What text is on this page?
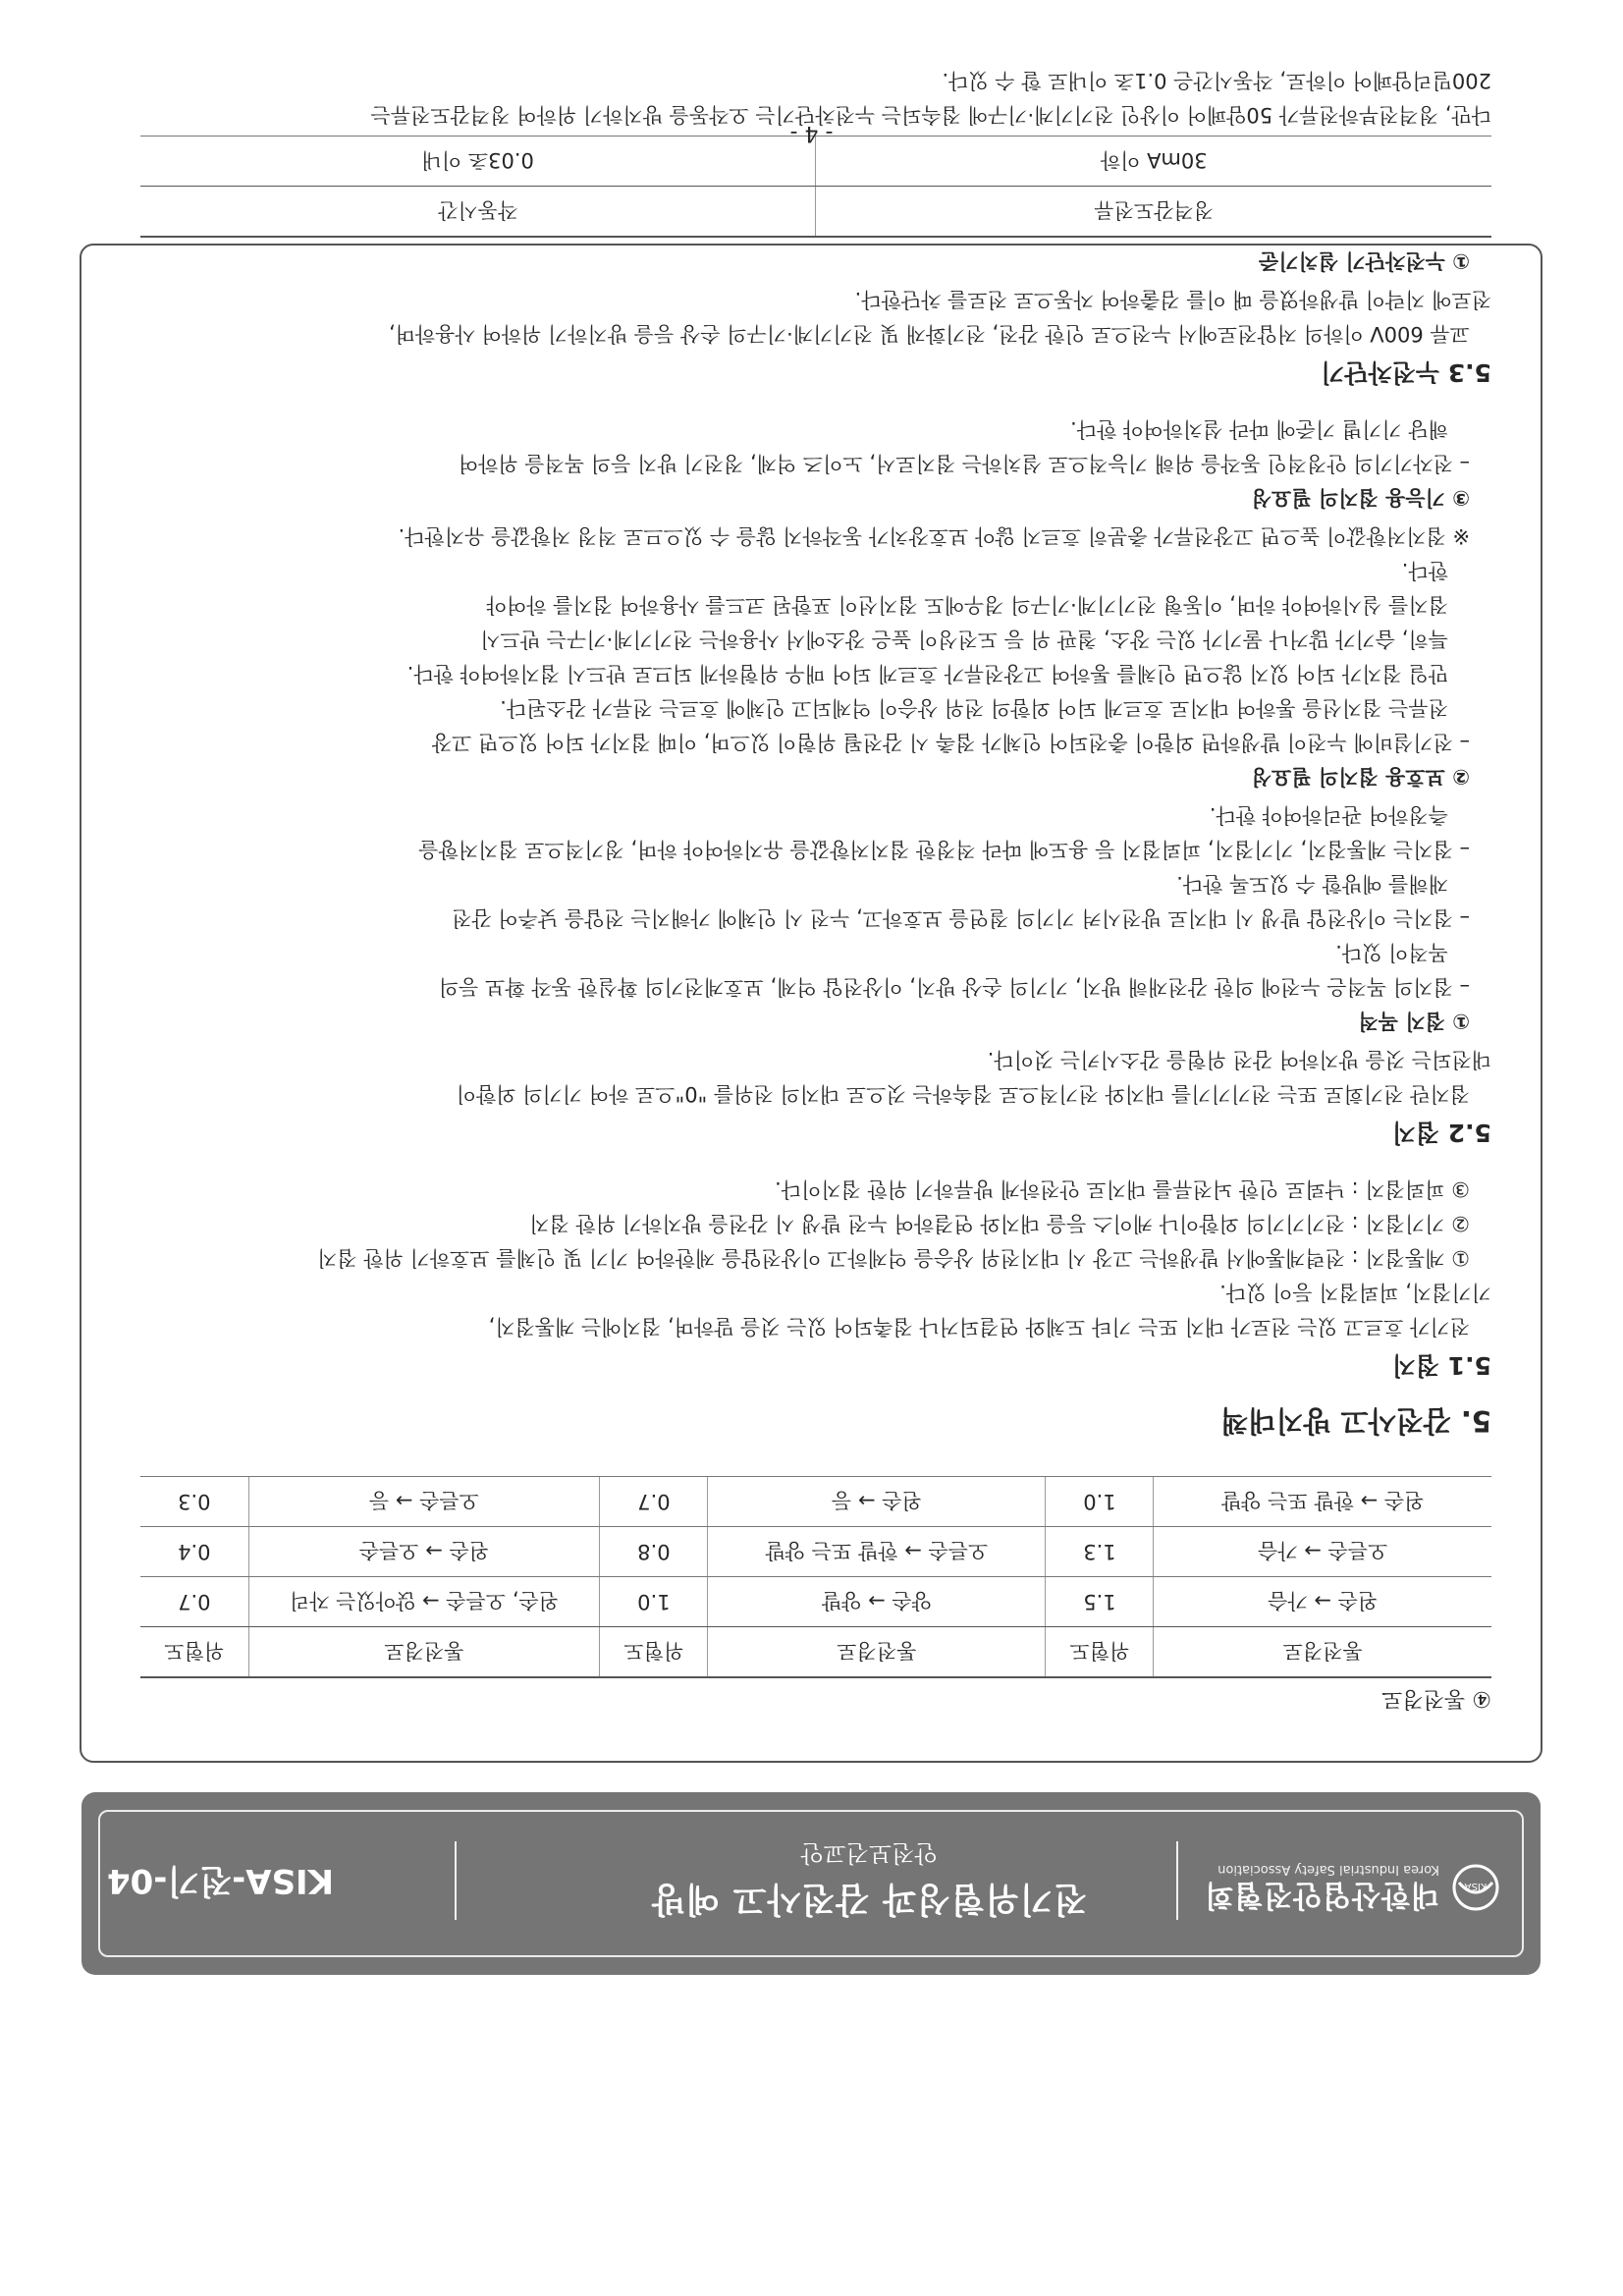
KISA
대한산업안전협회
Korea Industrial Safety Association
전기위험성과 감전사고 예방
안전보건교안
KISA-전기-04
④ 통전경로
통전경로	위험도	통전경로	위험도	통전경로	위험도
왼손 → 가슴	1.5	양손 → 양발	1.0	왼손, 오른손 → 앉아있는 자리	0.7
오른손 → 가슴	1.3	오른손 → 한발 또는 양발	0.8	왼손 → 오른손	0.4
왼손 → 한발 또는 양발	1.0	왼손 → 등	0.7	오른손 → 등	0.3
5. 감전사고 방지대책
5.1 접지

전기가 흐르고 있는 전로가 대지 또는 기타 도체와 연결되거나 접촉되어 있는 것을 말하며, 접지에는 계통접지,

기기접지, 피뢰접지 등이 있다.

① 계통접지 : 전력계통에서 발생하는 고장 시 대지전위 상승을 억제하고 이상전압을 제한하여 기기 및 인체를 보호하기 위한 접지

② 기기접지 : 전기기기의 외함이나 케이스 등을 대지와 연결하여 누전 발생 시 감전을 방지하기 위한 접지

③ 피뢰접지 : 낙뢰로 인한 뇌전류를 대지로 안전하게 방류하기 위한 접지이다.

5.2 접지

접지란 전기회로 또는 전기기기를 대지와 전기적으로 접속하는 것으로 대지의 전위를 "0"으로 하여 기기의 외함이

대전되는 것을 방지하여 감전 위험을 감소시키는 것이다.

① 접지 목적

– 접지의 목적은 누전에 의한 감전재해 방지, 기기의 손상 방지, 이상전압 억제, 보호계전기의 확실한 동작 확보 등의

목적이 있다.

– 접지는 이상전압 발생 시 대지로 방전시켜 기기의 절연을 보호하고, 누전 시 인체에 가해지는 전압을 낮추어 감전

재해를 예방할 수 있도록 한다.

– 접지는 계통접지, 기기접지, 피뢰접지 등 용도에 따라 적정한 접지저항값을 유지하여야 하며, 정기적으로 접지저항을

측정하여 관리하여야 한다.

② 보호용 접지의 필요성

– 전기설비에 누전이 발생하면 외함이 충전되어 인체가 접촉 시 감전될 위험이 있으며, 이때 접지가 되어 있으면 고장

전류는 접지선을 통하여 대지로 흐르게 되어 외함의 전위 상승이 억제되고 인체에 흐르는 전류가 감소된다.

만일 접지가 되어 있지 않으면 인체를 통하여 고장전류가 흐르게 되어 매우 위험하게 되므로 반드시 접지하여야 한다.

특히, 습기가 많거나 물기가 있는 장소, 철판 위 등 도전성이 높은 장소에서 사용하는 전기기계·기구는 반드시

접지를 실시하여야 하며, 이동형 전기기계·기구의 경우에도 접지선이 포함된 코드를 사용하여 접지를 하여야

한다.

※ 접지저항값이 높으면 고장전류가 충분히 흐르지 않아 보호장치가 동작하지 않을 수 있으므로 적정 저항값을 유지한다.

③ 기능용 접지의 필요성

– 전자기기의 안정적인 동작을 위해 기능적으로 설치하는 접지로서, 노이즈 억제, 정전기 방지 등의 목적을 위하여

해당 기기별 기준에 따라 설치하여야 한다.

5.3 누전차단기

교류 600V 이하의 저압전로에서 누전으로 인한 감전, 전기화재 및 전기기계·기구의 손상 등을 방지하기 위하여 사용하며,

전로에 지락이 발생하였을 때 이를 검출하여 자동으로 전로를 차단한다.

① 누전차단기 설치기준

정격감도전류	작동시간
30mA 이하	0.03초 이내

다만, 정격전부하전류가 50암페어 이상인 전기기계·기구에 접속되는 누전차단기는 오작동을 방지하기 위하여 정격감도전류는

200밀리암페어 이하로, 작동시간은 0.1초 이내로 할 수 있다.

- 4 -
